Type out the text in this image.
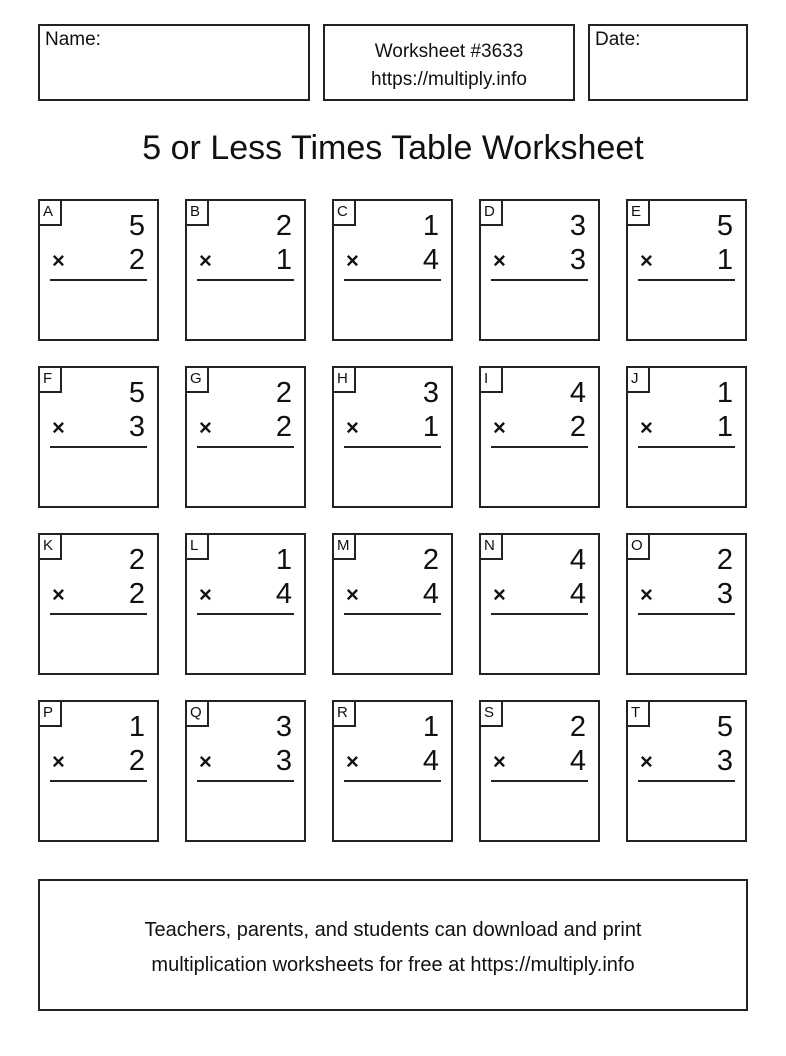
Name:
Worksheet #3633
https://multiply.info
Date:
5 or Less Times Table Worksheet
A	5
× 2
B	2
× 1
C	1
× 4
D	3
× 3
E	5
× 1
F	5
× 3
G	2
× 2
H	3
× 1
I	4
× 2
J	1
× 1
K	2
× 2
L	1
× 4
M	2
× 4
N	4
× 4
O	2
× 3
P	1
× 2
Q	3
× 3
R	1
× 4
S	2
× 4
T	5
× 3
Teachers, parents, and students can download and print
multiplication worksheets for free at https://multiply.info
